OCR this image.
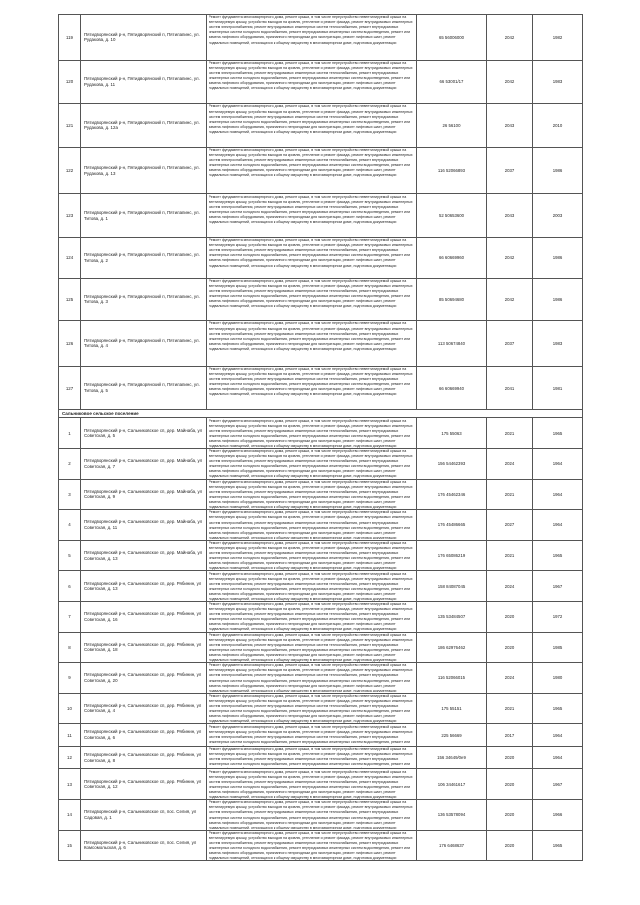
119	Пятидворянский р-н, Пятидворянский п, Пятилапинс, ул. Рудакова, д. 10	Ремонт фундамента многоквартирного дома, ремонт крыши, в том числе переустройство невентилируемой крыши на вентилируемую крышу, устройство выходов на кровлю, утепление и ремонт фасада, ремонт внутридомовых инженерных систем электроснабжения, ремонт внутридомовых инженерных систем теплоснабжения, ремонт внутридомовых инженерных систем холодного водоснабжения, ремонт внутридомовых инженерных систем водоотведения, ремонт или замена лифтового оборудования, признанного непригодным для эксплуатации, ремонт лифтовых шахт, ремонт подвальных помещений, относящихся к общему имуществу в многоквартирном доме, подготовка документации	65 56006000	2042	1982
120	Пятидворянский р-н, Пятидворянский п, Пятилапинс, ул. Рудакова, д. 11	Ремонт фундамента многоквартирного дома, ремонт крыши, в том числе переустройство невентилируемой крыши на вентилируемую крышу, устройство выходов на кровлю, утепление и ремонт фасада, ремонт внутридомовых инженерных систем электроснабжения, ремонт внутридомовых инженерных систем теплоснабжения, ремонт внутридомовых инженерных систем холодного водоснабжения, ремонт внутридомовых инженерных систем водоотведения, ремонт или замена лифтового оборудования, признанного непригодным для эксплуатации, ремонт лифтовых шахт, ремонт подвальных помещений, относящихся к общему имуществу в многоквартирном доме, подготовка документации	66 53001/17	2042	1983
121	Пятидворянский р-н, Пятидворянский п, Пятилапинс, ул. Рудакова, д. 12а	Ремонт фундамента многоквартирного дома, ремонт крыши, в том числе переустройство невентилируемой крыши на вентилируемую крышу, устройство выходов на кровлю, утепление и ремонт фасада, ремонт внутридомовых инженерных систем электроснабжения, ремонт внутридомовых инженерных систем теплоснабжения, ремонт внутридомовых инженерных систем холодного водоснабжения, ремонт внутридомовых инженерных систем водоотведения, ремонт или замена лифтового оборудования, признанного непригодным для эксплуатации, ремонт лифтовых шахт, ремонт подвальных помещений, относящихся к общему имуществу в многоквартирном доме, подготовка документации	26 56100	2043	2010
122	Пятидворянский р-н, Пятидворянский п, Пятилапинс, ул. Рудакова, д. 13	Ремонт фундамента многоквартирного дома, ремонт крыши, в том числе переустройство невентилируемой крыши на вентилируемую крышу, устройство выходов на кровлю, утепление и ремонт фасада, ремонт внутридомовых инженерных систем электроснабжения, ремонт внутридомовых инженерных систем теплоснабжения, ремонт внутридомовых инженерных систем холодного водоснабжения, ремонт внутридомовых инженерных систем водоотведения, ремонт или замена лифтового оборудования, признанного непригодным для эксплуатации, ремонт лифтовых шахт, ремонт подвальных помещений, относящихся к общему имуществу в многоквартирном доме, подготовка документации	116 52066893	2037	1986
123	Пятидворянский р-н, Пятидворянский п, Пятилапинс, ул. Титова, д. 1	Ремонт фундамента многоквартирного дома, ремонт крыши, в том числе переустройство невентилируемой крыши на вентилируемую крышу, устройство выходов на кровлю, утепление и ремонт фасада, ремонт внутридомовых инженерных систем электроснабжения, ремонт внутридомовых инженерных систем теплоснабжения, ремонт внутридомовых инженерных систем холодного водоснабжения, ремонт внутридомовых инженерных систем водоотведения, ремонт или замена лифтового оборудования, признанного непригодным для эксплуатации, ремонт лифтовых шахт, ремонт подвальных помещений, относящихся к общему имуществу в многоквартирном доме, подготовка документации	52 50653600	2043	2003
124	Пятидворянский р-н, Пятидворянский п, Пятилапинс, ул. Титова, д. 2	Ремонт фундамента многоквартирного дома, ремонт крыши, в том числе переустройство невентилируемой крыши на вентилируемую крышу, устройство выходов на кровлю, утепление и ремонт фасада, ремонт внутридомовых инженерных систем электроснабжения, ремонт внутридомовых инженерных систем теплоснабжения, ремонт внутридомовых инженерных систем холодного водоснабжения, ремонт внутридомовых инженерных систем водоотведения, ремонт или замена лифтового оборудования, признанного непригодным для эксплуатации, ремонт лифтовых шахт, ремонт подвальных помещений, относящихся к общему имуществу в многоквартирном доме, подготовка документации	66 60669960	2042	1986
125	Пятидворянский р-н, Пятидворянский п, Пятилапинс, ул. Титова, д. 3	Ремонт фундамента многоквартирного дома, ремонт крыши, в том числе переустройство невентилируемой крыши на вентилируемую крышу, устройство выходов на кровлю, утепление и ремонт фасада, ремонт внутридомовых инженерных систем электроснабжения, ремонт внутридомовых инженерных систем теплоснабжения, ремонт внутридомовых инженерных систем холодного водоснабжения, ремонт внутридомовых инженерных систем водоотведения, ремонт или замена лифтового оборудования, признанного непригодным для эксплуатации, ремонт лифтовых шахт, ремонт подвальных помещений, относящихся к общему имуществу в многоквартирном доме, подготовка документации	85 50694680	2042	1986
126	Пятидворянский р-н, Пятидворянский п, Пятилапинс, ул. Титова, д. 4	Ремонт фундамента многоквартирного дома, ремонт крыши, в том числе переустройство невентилируемой крыши на вентилируемую крышу, устройство выходов на кровлю, утепление и ремонт фасада, ремонт внутридомовых инженерных систем электроснабжения, ремонт внутридомовых инженерных систем теплоснабжения, ремонт внутридомовых инженерных систем холодного водоснабжения, ремонт внутридомовых инженерных систем водоотведения, ремонт или замена лифтового оборудования, признанного непригодным для эксплуатации, ремонт лифтовых шахт, ремонт подвальных помещений, относящихся к общему имуществу в многоквартирном доме, подготовка документации	113 50674840	2037	1983
127	Пятидворянский р-н, Пятидворянский п, Пятилапинс, ул. Титова, д. 5	Ремонт фундамента многоквартирного дома, ремонт крыши, в том числе переустройство невентилируемой крыши на вентилируемую крышу, устройство выходов на кровлю, утепление и ремонт фасада, ремонт внутридомовых инженерных систем электроснабжения, ремонт внутридомовых инженерных систем теплоснабжения, ремонт внутридомовых инженерных систем холодного водоснабжения, ремонт внутридомовых инженерных систем водоотведения, ремонт или замена лифтового оборудования, признанного непригодным для эксплуатации, ремонт лифтовых шахт, ремонт подвальных помещений, относящихся к общему имуществу в многоквартирном доме, подготовка документации	66 60669940	2041	1981
Сальниковое сельское поселение					
1	Пятидворянский р-н, Сальниковское сп, дер. Майнаба, ул Советская, д. 5	Ремонт фундамента многоквартирного дома, ремонт крыши, в том числе переустройство невентилируемой крыши на вентилируемую крышу, устройство выходов на кровлю, утепление и ремонт фасада, ремонт внутридомовых инженерных систем электроснабжения, ремонт внутридомовых инженерных систем теплоснабжения, ремонт внутридомовых инженерных систем холодного водоснабжения, ремонт внутридомовых инженерных систем водоотведения, ремонт или замена лифтового оборудования, признанного непригодным для эксплуатации, ремонт лифтовых шахт, ремонт подвальных помещений, относящихся к общему имуществу в многоквартирном доме, подготовка документации	175 55063	2021	1965
2	Пятидворянский р-н, Сальниковское сп, дер. Майнаба, ул Советская, д. 7	Ремонт фундамента многоквартирного дома, ремонт крыши, в том числе переустройство невентилируемой крыши на вентилируемую крышу, устройство выходов на кровлю, утепление и ремонт фасада, ремонт внутридомовых инженерных систем электроснабжения, ремонт внутридомовых инженерных систем теплоснабжения, ремонт внутридомовых инженерных систем холодного водоснабжения, ремонт внутридомовых инженерных систем водоотведения, ремонт или замена лифтового оборудования, признанного непригодным для эксплуатации, ремонт лифтовых шахт, ремонт подвальных помещений, относящихся к общему имуществу в многоквартирном доме, подготовка документации	156 54462393	2024	1964
3	Пятидворянский р-н, Сальниковское сп, дер. Майнаба, ул Советская, д. 9	Ремонт фундамента многоквартирного дома, ремонт крыши, в том числе переустройство невентилируемой крыши на вентилируемую крышу, устройство выходов на кровлю, утепление и ремонт фасада, ремонт внутридомовых инженерных систем электроснабжения, ремонт внутридомовых инженерных систем теплоснабжения, ремонт внутридомовых инженерных систем холодного водоснабжения, ремонт внутридомовых инженерных систем водоотведения, ремонт или замена лифтового оборудования, признанного непригодным для эксплуатации, ремонт лифтовых шахт, ремонт подвальных помещений, относящихся к общему имуществу в многоквартирном доме, подготовка документации	176 45462346	2021	1964
4	Пятидворянский р-н, Сальниковское сп, дер. Майнаба, ул Советская, д. 11	Ремонт фундамента многоквартирного дома, ремонт крыши, в том числе переустройство невентилируемой крыши на вентилируемую крышу, устройство выходов на кровлю, утепление и ремонт фасада, ремонт внутридомовых инженерных систем электроснабжения, ремонт внутридомовых инженерных систем теплоснабжения, ремонт внутридомовых инженерных систем холодного водоснабжения, ремонт внутридомовых инженерных систем водоотведения, ремонт или замена лифтового оборудования, признанного непригодным для эксплуатации, ремонт лифтовых шахт, ремонт подвальных помещений, относящихся к общему имуществу в многоквартирном доме, подготовка документации	176 45486665	2027	1964
5	Пятидворянский р-н, Сальниковское сп, дер. Майнаба, ул Советская, д. 13	Ремонт фундамента многоквартирного дома, ремонт крыши, в том числе переустройство невентилируемой крыши на вентилируемую крышу, устройство выходов на кровлю, утепление и ремонт фасада, ремонт внутридомовых инженерных систем электроснабжения, ремонт внутридомовых инженерных систем теплоснабжения, ремонт внутридомовых инженерных систем холодного водоснабжения, ремонт внутридомовых инженерных систем водоотведения, ремонт или замена лифтового оборудования, признанного непригодным для эксплуатации, ремонт лифтовых шахт, ремонт подвальных помещений, относящихся к общему имуществу в многоквартирном доме, подготовка документации	176 65086219	2021	1965
6	Пятидворянский р-н, Сальниковское сп, дер. Рябинин, ул Советская, д. 13	Ремонт фундамента многоквартирного дома, ремонт крыши, в том числе переустройство невентилируемой крыши на вентилируемую крышу, устройство выходов на кровлю, утепление и ремонт фасада, ремонт внутридомовых инженерных систем электроснабжения, ремонт внутридомовых инженерных систем теплоснабжения, ремонт внутридомовых инженерных систем холодного водоснабжения, ремонт внутридомовых инженерных систем водоотведения, ремонт или замена лифтового оборудования, признанного непригодным для эксплуатации, ремонт лифтовых шахт, ремонт подвальных помещений, относящихся к общему имуществу в многоквартирном доме, подготовка документации	158 84087045	2024	1967
7	Пятидворянский р-н, Сальниковское сп, дер. Рябинин, ул Советская, д. 16	Ремонт фундамента многоквартирного дома, ремонт крыши, в том числе переустройство невентилируемой крыши на вентилируемую крышу, устройство выходов на кровлю, утепление и ремонт фасада, ремонт внутридомовых инженерных систем электроснабжения, ремонт внутридомовых инженерных систем теплоснабжения, ремонт внутридомовых инженерных систем холодного водоснабжения, ремонт внутридомовых инженерных систем водоотведения, ремонт или замена лифтового оборудования, признанного непригодным для эксплуатации, ремонт лифтовых шахт, ремонт подвальных помещений, относящихся к общему имуществу в многоквартирном доме, подготовка документации	135 53484507	2020	1972
8	Пятидворянский р-н, Сальниковское сп, дер. Рябинин, ул Советская, д. 18	Ремонт фундамента многоквартирного дома, ремонт крыши, в том числе переустройство невентилируемой крыши на вентилируемую крышу, устройство выходов на кровлю, утепление и ремонт фасада, ремонт внутридомовых инженерных систем электроснабжения, ремонт внутридомовых инженерных систем теплоснабжения, ремонт внутридомовых инженерных систем холодного водоснабжения, ремонт внутридомовых инженерных систем водоотведения, ремонт или замена лифтового оборудования, признанного непригодным для эксплуатации, ремонт лифтовых шахт, ремонт подвальных помещений, относящихся к общему имуществу в многоквартирном доме, подготовка документации	186 62976462	2020	1985
9	Пятидворянский р-н, Сальниковское сп, дер. Рябинин, ул Советская, д. 20	Ремонт фундамента многоквартирного дома, ремонт крыши, в том числе переустройство невентилируемой крыши на вентилируемую крышу, устройство выходов на кровлю, утепление и ремонт фасада, ремонт внутридомовых инженерных систем электроснабжения, ремонт внутридомовых инженерных систем теплоснабжения, ремонт внутридомовых инженерных систем холодного водоснабжения, ремонт внутридомовых инженерных систем водоотведения, ремонт или замена лифтового оборудования, признанного непригодным для эксплуатации, ремонт лифтовых шахт, ремонт подвальных помещений, относящихся к общему имуществу в многоквартирном доме, подготовка документации	116 52066015	2024	1980
10	Пятидворянский р-н, Сальниковское сп, дер. Рябинин, ул Советская, д. 4	Ремонт фундамента многоквартирного дома, ремонт крыши, в том числе переустройство невентилируемой крыши на вентилируемую крышу, устройство выходов на кровлю, утепление и ремонт фасада, ремонт внутридомовых инженерных систем электроснабжения, ремонт внутридомовых инженерных систем теплоснабжения, ремонт внутридомовых инженерных систем холодного водоснабжения, ремонт внутридомовых инженерных систем водоотведения, ремонт или замена лифтового оборудования, признанного непригодным для эксплуатации, ремонт лифтовых шахт, ремонт подвальных помещений, относящихся к общему имуществу в многоквартирном доме, подготовка документации	175 55151	2021	1965
11	Пятидворянский р-н, Сальниковское сп, дер. Рябинин, ул Советская, д. 6	Ремонт фундамента многоквартирного дома, ремонт крыши, в том числе переустройство невентилируемой крыши на вентилируемую крышу, устройство выходов на кровлю, утепление и ремонт фасада, ремонт внутридомовых инженерных систем электроснабжения, ремонт внутридомовых инженерных систем теплоснабжения, ремонт внутридомовых инженерных систем холодного водоснабжения, ремонт внутридомовых инженерных систем водоотведения, ремонт или	225 56669	2017	1964
12	Пятидворянский р-н, Сальниковское сп, дер. Рябинин, ул Советская, д. 8	Ремонт фундамента многоквартирного дома, ремонт крыши, в том числе переустройство невентилируемой крыши на вентилируемую крышу, устройство выходов на кровлю, утепление и ремонт фасада, ремонт внутридомовых инженерных систем электроснабжения, ремонт внутридомовых инженерных систем теплоснабжения, ремонт внутридомовых инженерных систем холодного водоснабжения, ремонт внутридомовых инженерных систем водоотведения, ремонт или	156 34649/0е9	2020	1964
13	Пятидворянский р-н, Сальниковское сп, дер. Рябинин, ул Советская, д. 12	Ремонт фундамента многоквартирного дома, ремонт крыши, в том числе переустройство невентилируемой крыши на вентилируемую крышу, устройство выходов на кровлю, утепление и ремонт фасада, ремонт внутридомовых инженерных систем электроснабжения, ремонт внутридомовых инженерных систем теплоснабжения, ремонт внутридомовых инженерных систем холодного водоснабжения, ремонт внутридомовых инженерных систем водоотведения, ремонт или замена лифтового оборудования, признанного непригодным для эксплуатации, ремонт лифтовых шахт, ремонт подвальных помещений, относящихся к общему имуществу в многоквартирном доме, подготовка документации	106 34461617	2020	1967
14	Пятидворянский р-н, Сальниковское сп, пос. Селия, ул Садовая, д. 1	Ремонт фундамента многоквартирного дома, ремонт крыши, в том числе переустройство невентилируемой крыши на вентилируемую крышу, устройство выходов на кровлю, утепление и ремонт фасада, ремонт внутридомовых инженерных систем электроснабжения, ремонт внутридомовых инженерных систем теплоснабжения, ремонт внутридомовых инженерных систем холодного водоснабжения, ремонт внутридомовых инженерных систем водоотведения, ремонт или замена лифтового оборудования, признанного непригодным для эксплуатации, ремонт лифтовых шахт, ремонт подвальных помещений, относящихся к общему имуществу в многоквартирном доме, подготовка документации	136 53578094	2020	1966
15	Пятидворянский р-н, Сальниковское сп, пос. Селия, ул Комсомольская, д. 6	Ремонт фундамента многоквартирного дома, ремонт крыши, в том числе переустройство невентилируемой крыши на вентилируемую крышу, устройство выходов на кровлю, утепление и ремонт фасада, ремонт внутридомовых инженерных систем электроснабжения, ремонт внутридомовых инженерных систем теплоснабжения, ремонт внутридомовых инженерных систем холодного водоснабжения, ремонт внутридомовых инженерных систем водоотведения, ремонт или замена лифтового оборудования, признанного непригодным для эксплуатации, ремонт лифтовых шахт, ремонт подвальных помещений, относящихся к общему имуществу в многоквартирном доме, подготовка документации	176 6468637	2020	1965
